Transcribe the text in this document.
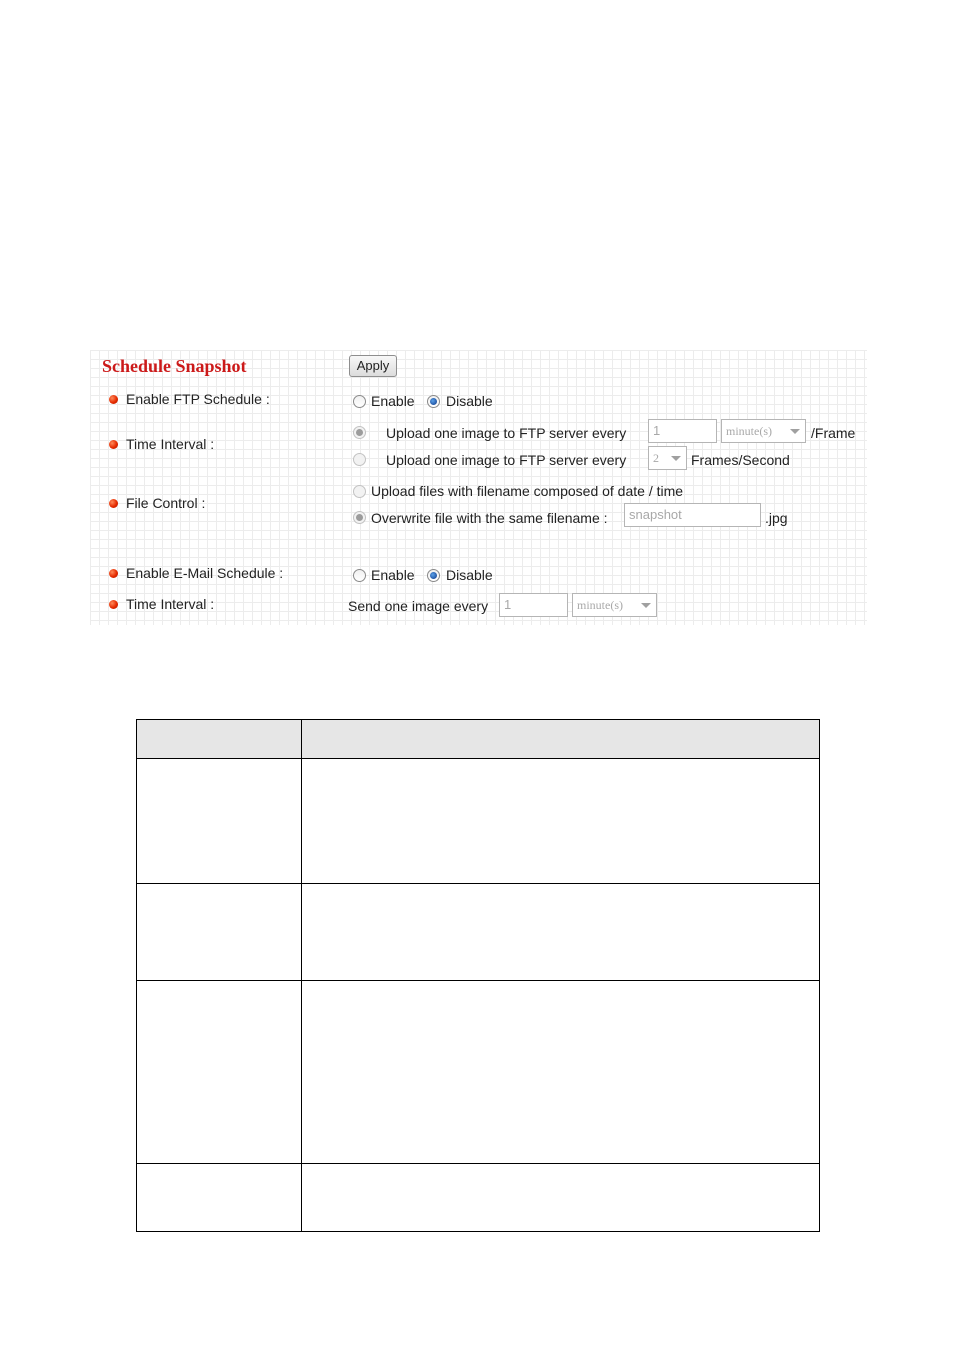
Schedule Snapshot	Apply
Enable FTP Schedule :	Enable Disable
Time Interval :
Upload one image to FTP server every	1	minute(s)	/Frame
Upload one image to FTP server every	2	Frames/Second
File Control :
Upload files with filename composed of date / time
Overwrite file with the same filename :	snapshot	.jpg
Enable E-Mail Schedule :	Enable Disable
Time Interval :	Send one image every	1	minute(s)
